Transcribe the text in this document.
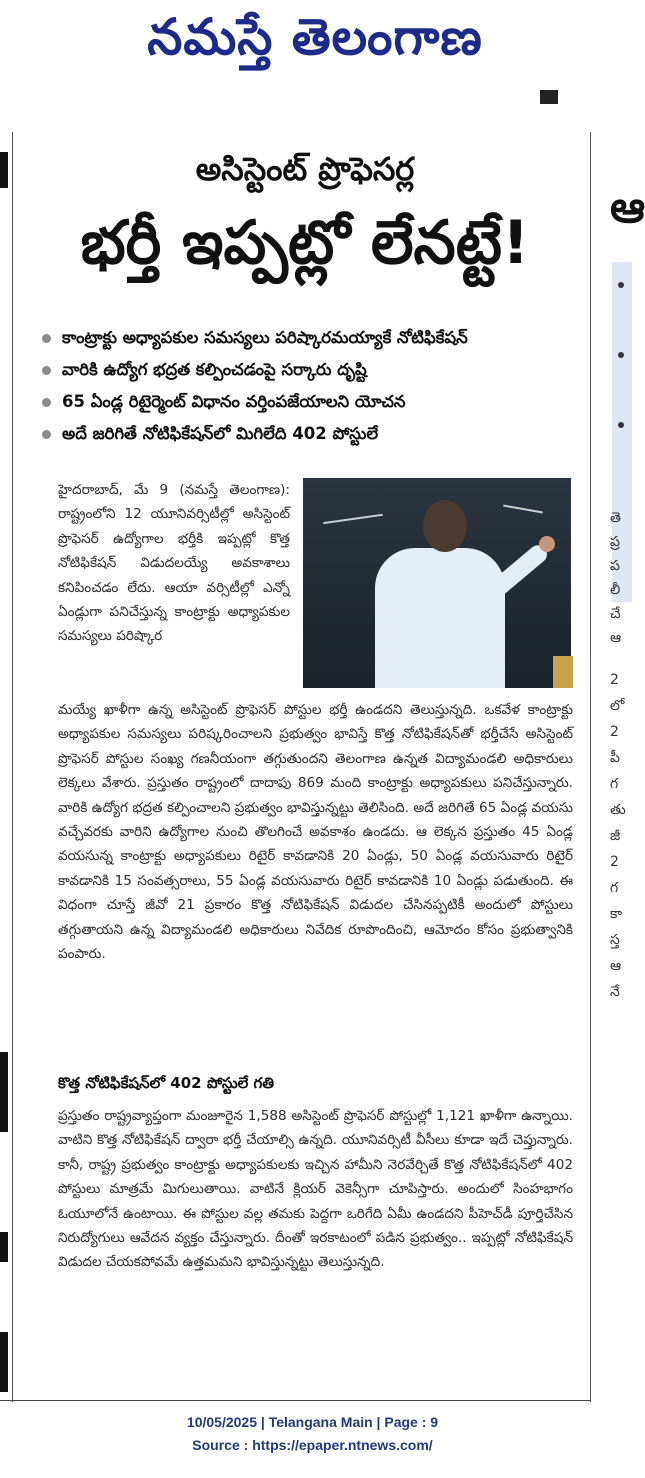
నమస్తే తెలంగాణ
ఆ
తె
ప్ర
ప
లీ
చే
ఆ
2
లో
2
పీ
గ
తు
జీ
2
గ
కా
స్త
ఆ
నే
అసిస్టెంట్ ప్రొఫెసర్ల
భర్తీ ఇప్పట్లో లేనట్టే!
కాంట్రాక్టు అధ్యాపకుల సమస్యలు పరిష్కారమయ్యాకే నోటిఫికేషన్
వారికి ఉద్యోగ భద్రత కల్పించడంపై సర్కారు దృష్టి
65 ఏండ్ల రిటైర్మెంట్ విధానం వర్తింపజేయాలని యోచన
అదే జరిగితే నోటిఫికేషన్‌లో మిగిలేది 402 పోస్టులే
హైదరాబాద్, మే 9 (నమస్తే తెలంగాణ): రాష్ట్రంలోని 12 యూనివర్సిటీల్లో అసిస్టెంట్ ప్రొఫెసర్ ఉద్యోగాల భర్తీకి ఇప్పట్లో కొత్త నోటిఫికేషన్ విడుదలయ్యే అవకాశాలు కనిపించడం లేదు. ఆయా వర్సిటీల్లో ఎన్నో ఏండ్లుగా పనిచేస్తున్న కాంట్రాక్టు అధ్యాపకుల సమస్యలు పరిష్కార
మయ్యే ఖాళీగా ఉన్న అసిస్టెంట్ ప్రొఫెసర్ పోస్టుల భర్తీ ఉండదని తెలుస్తున్నది. ఒకవేళ కాంట్రాక్టు అధ్యాపకుల సమస్యలు పరిష్కరించాలని ప్రభుత్వం భావిస్తే కొత్త నోటిఫికేషన్‌తో భర్తీచేసే అసిస్టెంట్ ప్రొఫెసర్ పోస్టుల సంఖ్య గణనీయంగా తగ్గుతుందని తెలంగాణ ఉన్నత విద్యామండలి అధికారులు లెక్కలు వేశారు. ప్రస్తుతం రాష్ట్రంలో దాదాపు 869 మంది కాంట్రాక్టు అధ్యాపకులు పనిచేస్తున్నారు. వారికి ఉద్యోగ భద్రత కల్పించాలని ప్రభుత్వం భావిస్తున్నట్టు తెలిసింది. అదే జరిగితే 65 ఏండ్ల వయసు వచ్చేవరకు వారిని ఉద్యోగాల నుంచి తొలగించే అవకాశం ఉండదు. ఆ లెక్కన ప్రస్తుతం 45 ఏండ్ల వయసున్న కాంట్రాక్టు అధ్యాపకులు రిటైర్ కావడానికి 20 ఏండ్లు, 50 ఏండ్ల వయసువారు రిటైర్ కావడానికి 15 సంవత్సరాలు, 55 ఏండ్ల వయసువారు రిటైర్ కావడానికి 10 ఏండ్లు పడుతుంది. ఈ విధంగా చూస్తే జీవో 21 ప్రకారం కొత్త నోటిఫికేషన్ విడుదల చేసినప్పటికీ అందులో పోస్టులు తగ్గుతాయని ఉన్న విద్యామండలి అధికారులు నివేదిక రూపొందించి, ఆమోదం కోసం ప్రభుత్వానికి పంపారు.
కొత్త నోటిఫికేషన్‌లో 402 పోస్టులే గతి
ప్రస్తుతం రాష్ట్రవ్యాప్తంగా మంజూరైన 1,588 అసిస్టెంట్ ప్రొఫెసర్ పోస్టుల్లో 1,121 ఖాళీగా ఉన్నాయి. వాటిని కొత్త నోటిఫికేషన్ ద్వారా భర్తీ చేయాల్సి ఉన్నది. యూనివర్సిటీ వీసీలు కూడా ఇదే చెప్తున్నారు. కానీ, రాష్ట్ర ప్రభుత్వం కాంట్రాక్టు అధ్యాపకులకు ఇచ్చిన హామీని నెరవేర్చితే కొత్త నోటిఫికేషన్‌లో 402 పోస్టులు మాత్రమే మిగులుతాయి. వాటినే క్లియర్ వెకెన్సీగా చూపిస్తారు. అందులో సింహభాగం ఓయూలోనే ఉంటాయి. ఈ పోస్టుల వల్ల తమకు పెద్దగా ఒరిగేది ఏమీ ఉండదని పీహెచ్‌డీ పూర్తిచేసిన నిరుద్యోగులు ఆవేదన వ్యక్తం చేస్తున్నారు. దీంతో ఇరకాటంలో పడిన ప్రభుత్వం.. ఇప్పట్లో నోటిఫికేషన్ విడుదల చేయకపోవమే ఉత్తమమని భావిస్తున్నట్టు తెలుస్తున్నది.
10/05/2025 | Telangana Main | Page : 9
Source : https://epaper.ntnews.com/
